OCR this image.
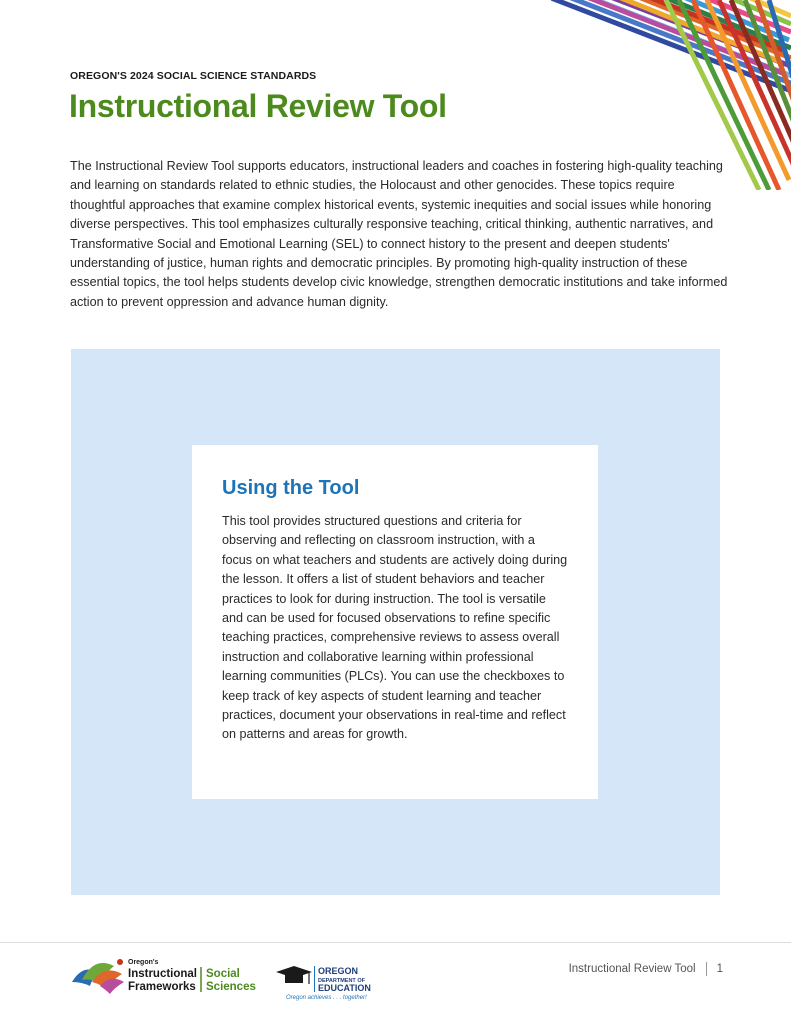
OREGON'S 2024 SOCIAL SCIENCE STANDARDS
Instructional Review Tool

The Instructional Review Tool supports educators, instructional leaders and coaches in fostering high-quality teaching and learning on standards related to ethnic studies, the Holocaust and other genocides. These topics require thoughtful approaches that examine complex historical events, systemic inequities and social issues while honoring diverse perspectives. This tool emphasizes culturally responsive teaching, critical thinking, authentic narratives, and Transformative Social and Emotional Learning (SEL) to connect history to the present and deepen students' understanding of justice, human rights and democratic principles. By promoting high-quality instruction of these essential topics, the tool helps students develop civic knowledge, strengthen democratic institutions and take informed action to prevent oppression and advance human dignity.

Using the Tool

This tool provides structured questions and criteria for observing and reflecting on classroom instruction, with a focus on what teachers and students are actively doing during the lesson. It offers a list of student behaviors and teacher practices to look for during instruction. The tool is versatile and can be used for focused observations to refine specific teaching practices, comprehensive reviews to assess overall instruction and collaborative learning within professional learning communities (PLCs). You can use the checkboxes to keep track of key aspects of student learning and teacher practices, document your observations in real-time and reflect on patterns and areas for growth.

Oregon's
Instructional
Frameworks
Social
Sciences
OREGON
DEPARTMENT OF
EDUCATION
Oregon achieves . . . together!
Instructional Review Tool 1
